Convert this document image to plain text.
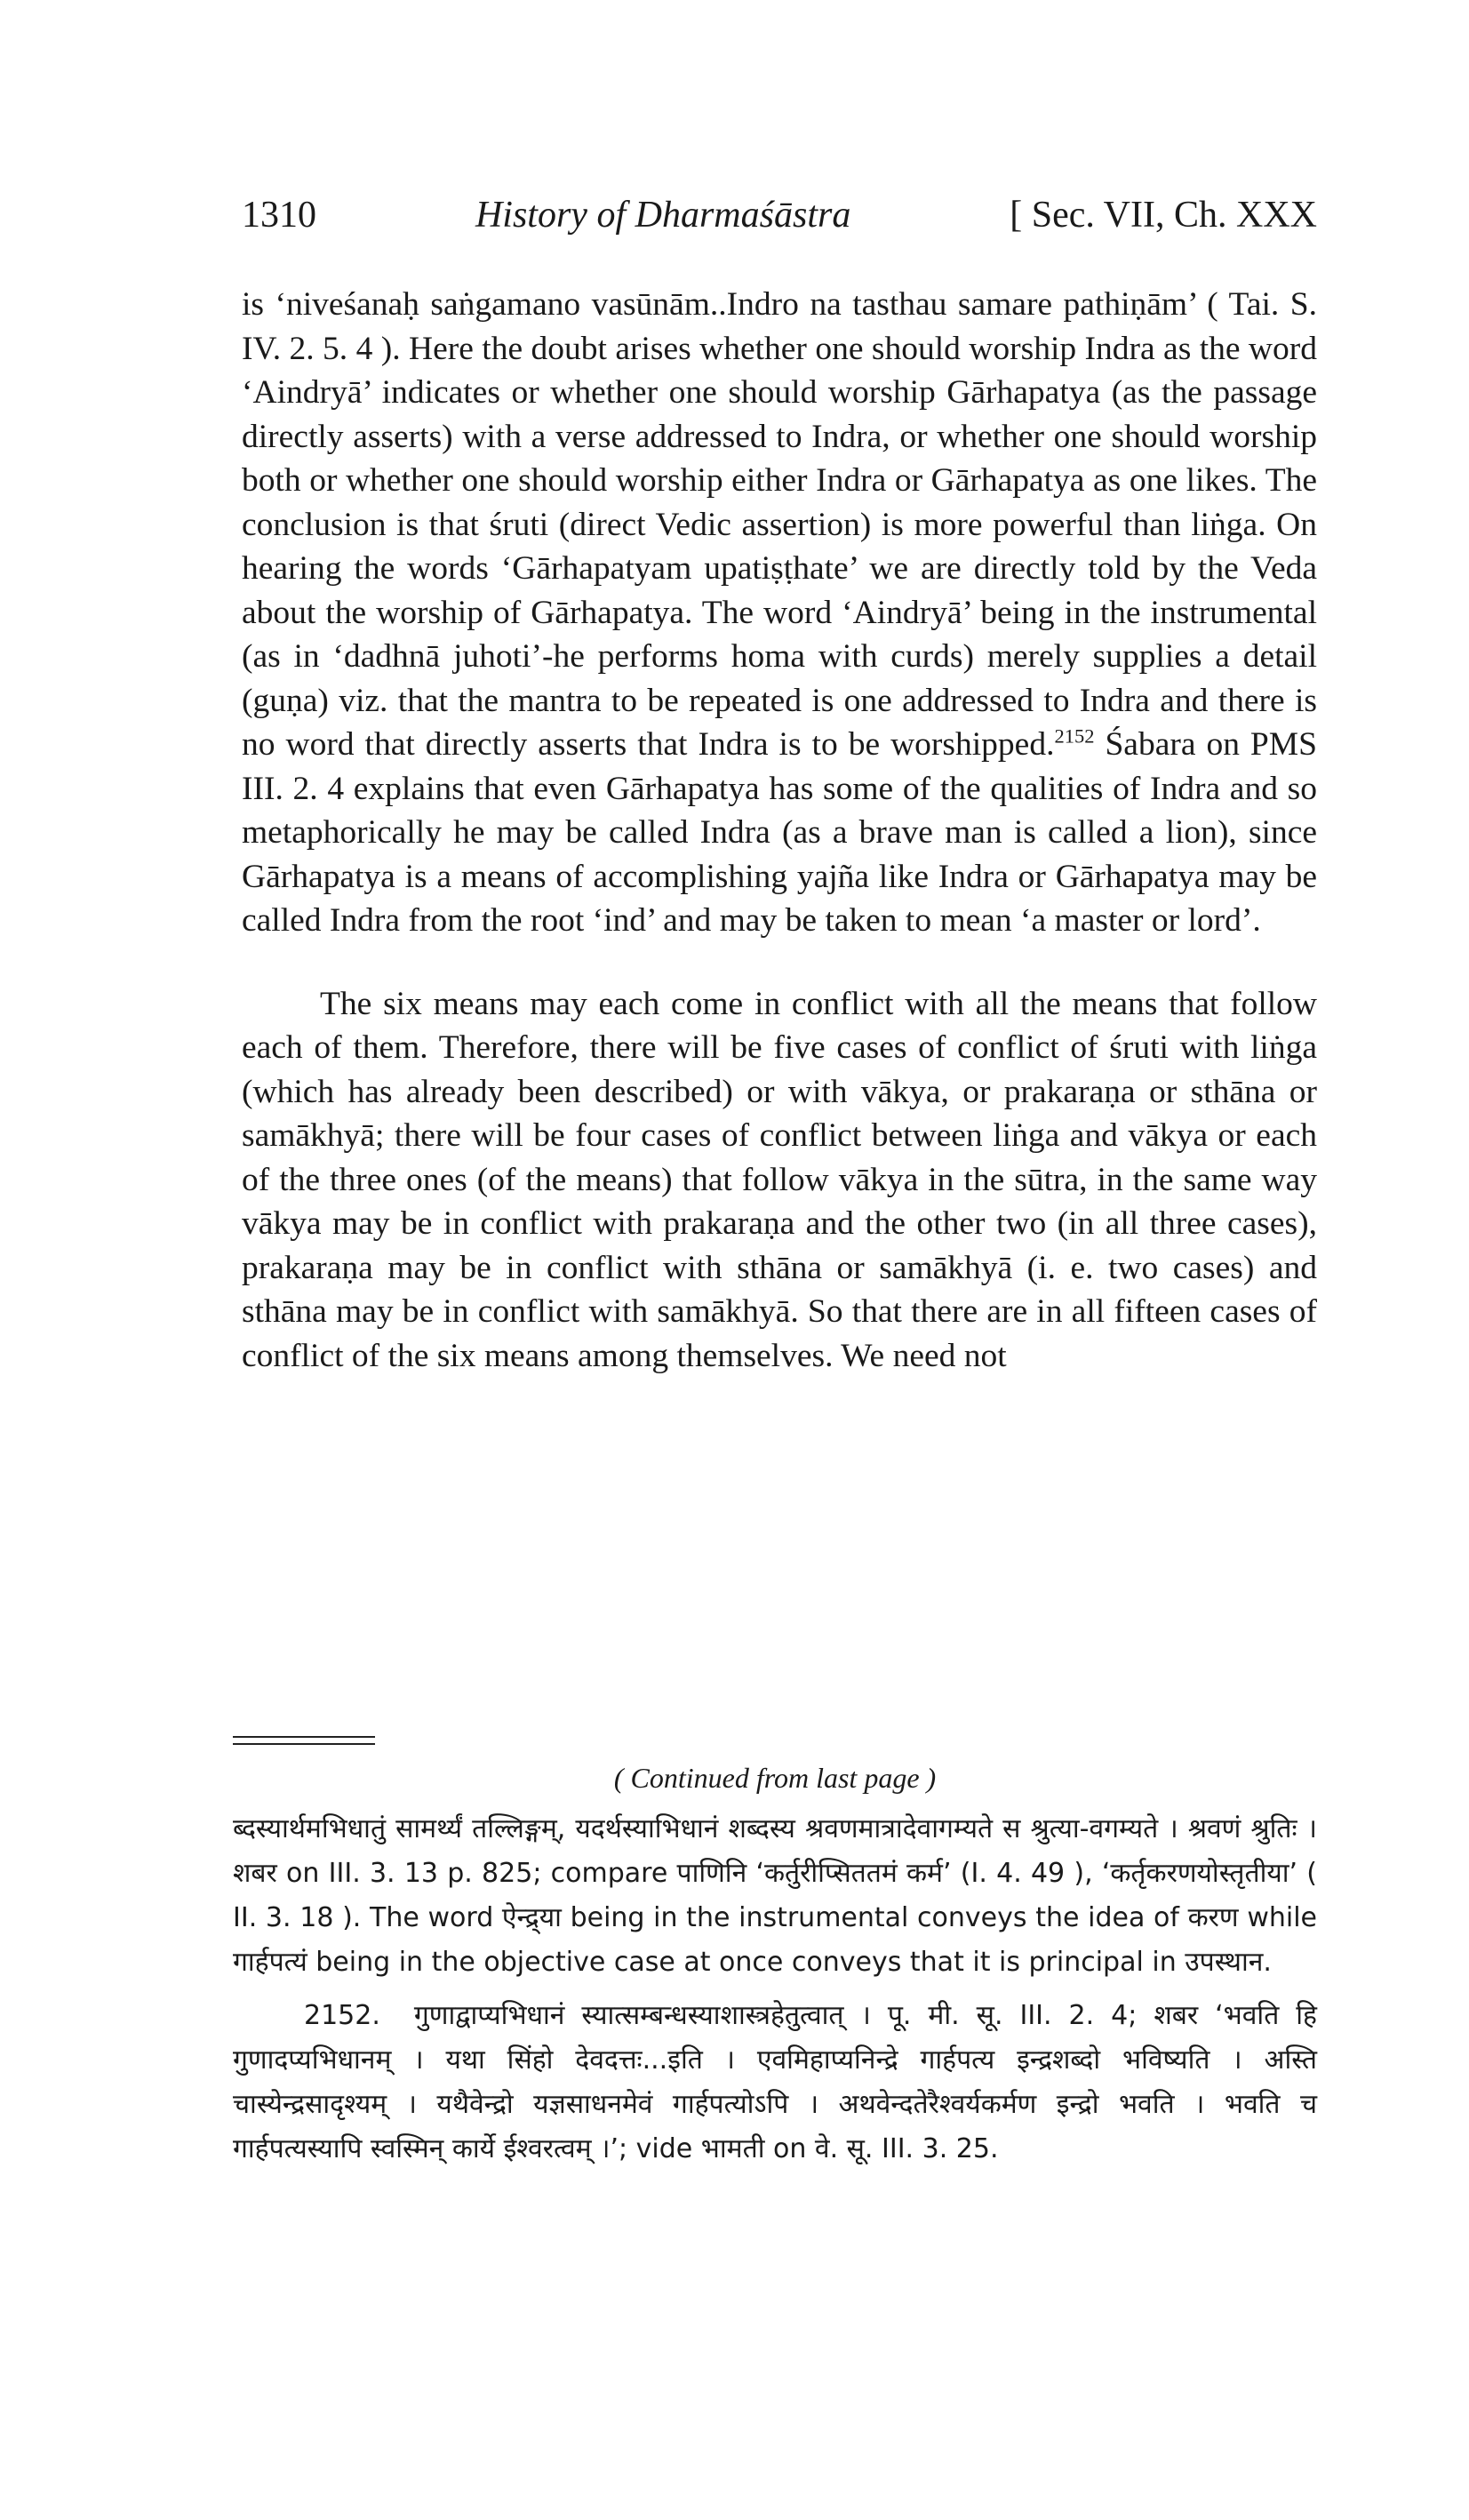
1310	History of Dharmaśāstra	[ Sec. VII, Ch. XXX

is ‘niveśanaḥ saṅgamano vasūnām..Indro na tasthau samare pathiṇām’ ( Tai. S. IV. 2. 5. 4 ). Here the doubt arises whether one should worship Indra as the word ‘Aindryā’ indicates or whether one should worship Gārhapatya (as the passage directly asserts) with a verse addressed to Indra, or whether one should worship both or whether one should worship either Indra or Gārhapatya as one likes. The conclusion is that śruti (direct Vedic assertion) is more powerful than liṅga. On hearing the words ‘Gārhapatyam upatiṣṭhate’ we are directly told by the Veda about the worship of Gārhapatya. The word ‘Aindryā’ being in the instrumental (as in ‘dadhnā juhoti’-he performs homa with curds) merely supplies a detail (guṇa) viz. that the mantra to be repeated is one addressed to Indra and there is no word that directly asserts that Indra is to be worshipped.$^{2152}$ Śabara on PMS III. 2. 4 explains that even Gārhapatya has some of the qualities of Indra and so metaphorically he may be called Indra (as a brave man is called a lion), since Gārhapatya is a means of accomplishing yajña like Indra or Gārhapatya may be called Indra from the root ‘ind’ and may be taken to mean ‘a master or lord’.

The six means may each come in conflict with all the means that follow each of them. Therefore, there will be five cases of conflict of śruti with liṅga (which has already been described) or with vākya, or prakaraṇa or sthāna or samākhyā; there will be four cases of conflict between liṅga and vākya or each of the three ones (of the means) that follow vākya in the sūtra, in the same way vākya may be in conflict with prakaraṇa and the other two (in all three cases), prakaraṇa may be in conflict with sthāna or samākhyā (i. e. two cases) and sthāna may be in conflict with samākhyā. So that there are in all fifteen cases of conflict of the six means among themselves. We need not

( Continued from last page )

ब्दस्यार्थमभिधातुं सामर्थ्यं तल्लिङ्गम्, यदर्थस्याभिधानं शब्दस्य श्रवणमात्रादेवागम्यते स श्रुत्या-वगम्यते । श्रवणं श्रुतिः । शबर on III. 3. 13 p. 825; compare पाणिनि ‘कर्तुरीप्सिततमं कर्म’ (I. 4. 49 ), ‘कर्तृकरणयोस्तृतीया’ ( II. 3. 18 ). The word ऐन्द्र्या being in the instrumental conveys the idea of करण while गार्हपत्यं being in the objective case at once conveys that it is principal in उपस्थान.

2152. गुणाद्वाप्यभिधानं स्यात्सम्बन्धस्याशास्त्रहेतुत्वात् । पू. मी. सू. III. 2. 4; शबर ‘भवति हि गुणादप्यभिधानम् । यथा सिंहो देवदत्तः...इति । एवमिहाप्यनिन्द्रे गार्हपत्य इन्द्रशब्दो भविष्यति । अस्ति चास्येन्द्रसादृश्यम् । यथैवेन्द्रो यज्ञसाधनमेवं गार्हपत्योऽपि । अथवेन्दतेरैश्वर्यकर्मण इन्द्रो भवति । भवति च गार्हपत्यस्यापि स्वस्मिन् कार्ये ईश्वरत्वम् ।’; vide भामती on वे. सू. III. 3. 25.
